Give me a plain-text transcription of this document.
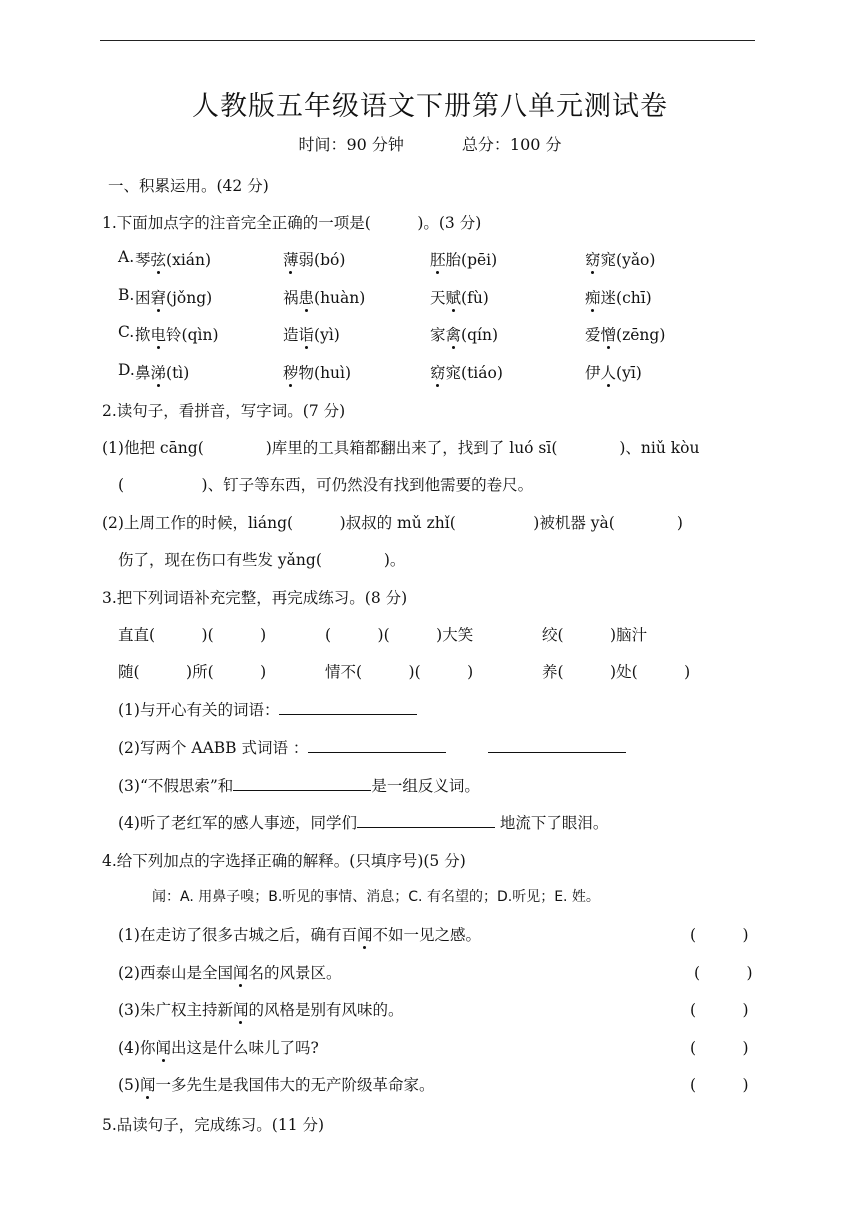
人教版五年级语文下册第八单元测试卷
时间：90 分钟	总分：100 分
一、积累运用。(42 分)
1.下面加点字的注音完全正确的一项是(　　　)。(3 分)
A. 琴弦(xián)	薄弱(bó)	胚胎(pēi)	窈窕(yǎo)
B. 困窘(jǒng)	祸患(huàn)	天赋(fù)	痴迷(chī)
C. 揿电铃(qìn)	造诣(yì)	家禽(qín)	爱憎(zēng)
D. 鼻涕(tì)	秽物(huì)	窈窕(tiáo)	伊人(yī)
2.读句子，看拼音，写字词。(7 分)
(1)他把 cāng(　　　　)库里的工具箱都翻出来了，找到了 luó sī(　　　　)、niǔ kòu
(　　　　　)、钉子等东西，可仍然没有找到他需要的卷尺。
(2)上周工作的时候，liáng(　　　)叔叔的 mǔ zhǐ(　　　　　)被机器 yà(　　　　)
伤了，现在伤口有些发 yǎng(　　　　)。
3.把下列词语补充完整，再完成练习。(8 分)
直直(　　　)(　　　)	(　　　)(　　　)大笑	绞(　　　)脑汁
随(　　　)所(　　　)	情不(　　　)(　　　)	养(　　　)处(　　　)
(1)与开心有关的词语：
(2)写两个 AABB 式词语 ：
(3)“不假思索”和	是一组反义词。
(4)听了老红军的感人事迹，同学们	地流下了眼泪。
4.给下列加点的字选择正确的解释。(只填序号)(5 分)
闻：A. 用鼻子嗅；B.听见的事情、消息；C. 有名望的；D.听见；E. 姓。
(1)在走访了很多古城之后，确有百闻不如一见之感。	(　　　)
(2)西泰山是全国闻名的风景区。	(　　　)
(3)朱广权主持新闻的风格是别有风味的。	(　　　)
(4)你闻出这是什么味儿了吗?	(　　　)
(5)闻一多先生是我国伟大的无产阶级革命家。	(　　　)
5.品读句子，完成练习。(11 分)
